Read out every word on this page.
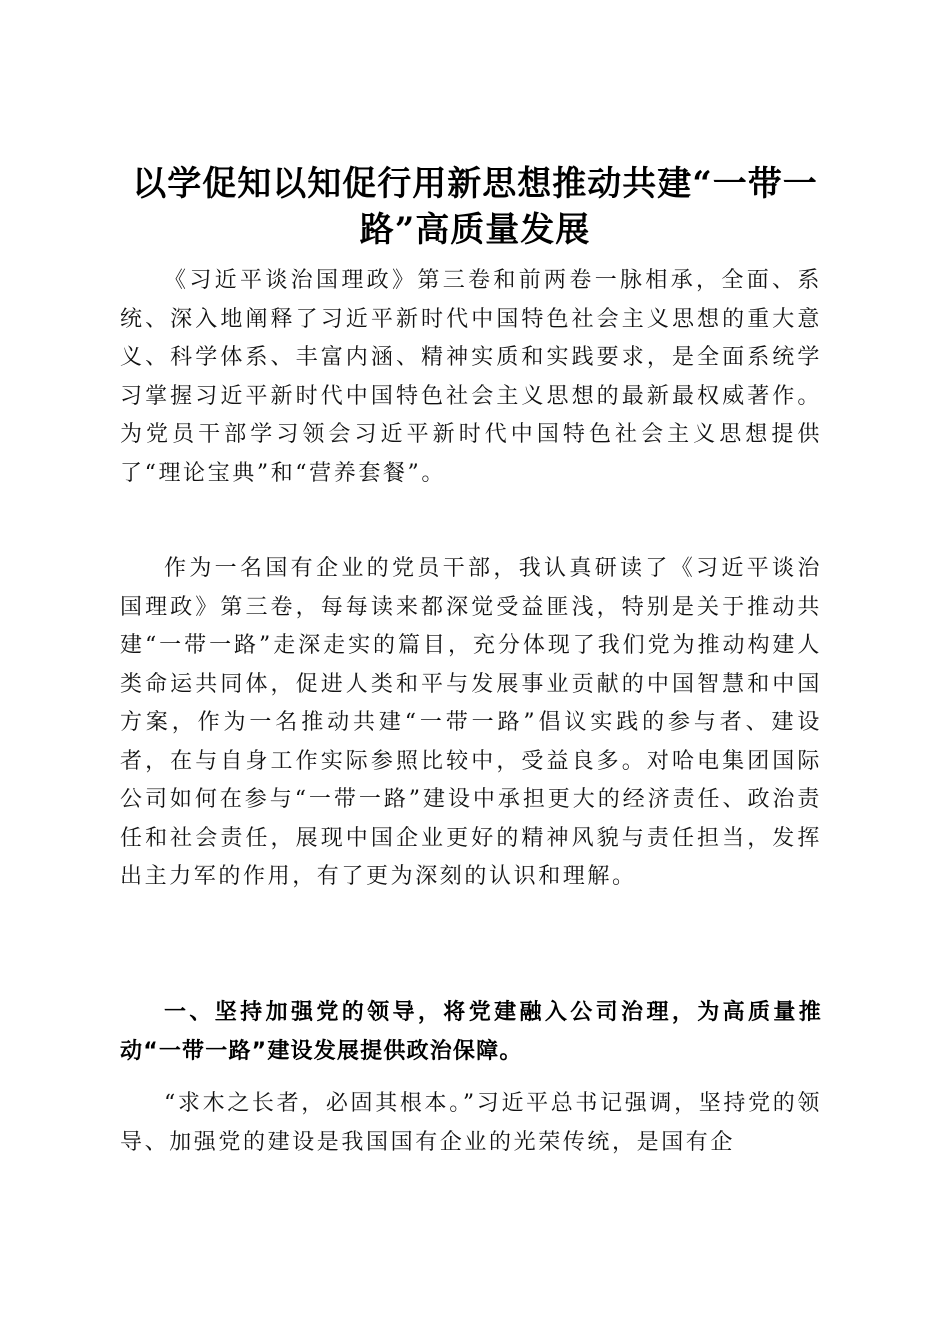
以学促知以知促行用新思想推动共建“一带一路”高质量发展

《习近平谈治国理政》第三卷和前两卷一脉相承，全面、系统、深入地阐释了习近平新时代中国特色社会主义思想的重大意义、科学体系、丰富内涵、精神实质和实践要求，是全面系统学习掌握习近平新时代中国特色社会主义思想的最新最权威著作。为党员干部学习领会习近平新时代中国特色社会主义思想提供了“理论宝典”和“营养套餐”。

作为一名国有企业的党员干部，我认真研读了《习近平谈治国理政》第三卷，每每读来都深觉受益匪浅，特别是关于推动共建“一带一路”走深走实的篇目，充分体现了我们党为推动构建人类命运共同体，促进人类和平与发展事业贡献的中国智慧和中国方案，作为一名推动共建“一带一路”倡议实践的参与者、建设者，在与自身工作实际参照比较中，受益良多。对哈电集团国际公司如何在参与“一带一路”建设中承担更大的经济责任、政治责任和社会责任，展现中国企业更好的精神风貌与责任担当，发挥出主力军的作用，有了更为深刻的认识和理解。

一、坚持加强党的领导，将党建融入公司治理，为高质量推动“一带一路”建设发展提供政治保障。

“求木之长者，必固其根本。”习近平总书记强调，坚持党的领导、加强党的建设是我国国有企业的光荣传统，是国有企
